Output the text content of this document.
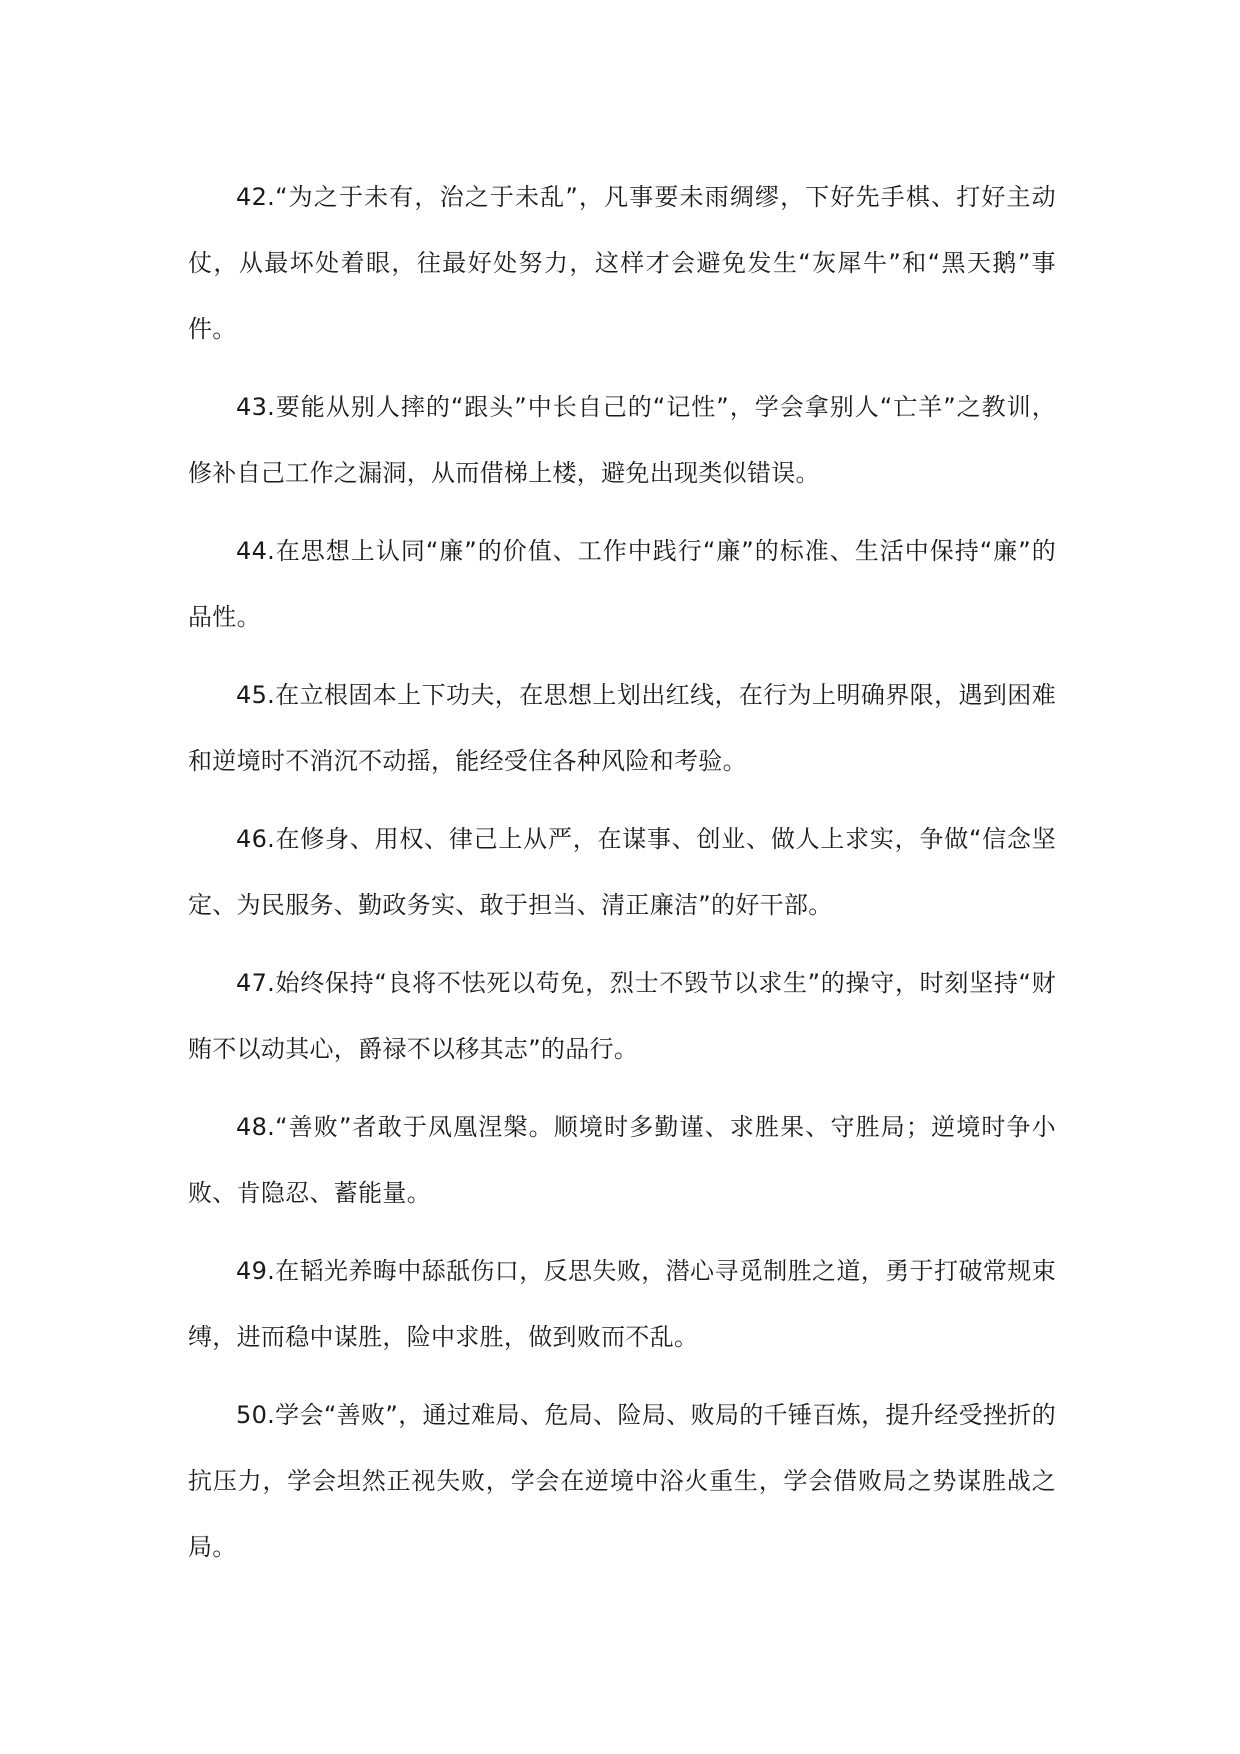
42.“为之于未有，治之于未乱”，凡事要未雨绸缪，下好先手棋、打好主动仗，从最坏处着眼，往最好处努力，这样才会避免发生“灰犀牛”和“黑天鹅”事件。

43.要能从别人摔的“跟头”中长自己的“记性”，学会拿别人“亡羊”之教训，修补自己工作之漏洞，从而借梯上楼，避免出现类似错误。

44.在思想上认同“廉”的价值、工作中践行“廉”的标准、生活中保持“廉”的品性。

45.在立根固本上下功夫，在思想上划出红线，在行为上明确界限，遇到困难和逆境时不消沉不动摇，能经受住各种风险和考验。

46.在修身、用权、律己上从严，在谋事、创业、做人上求实，争做“信念坚定、为民服务、勤政务实、敢于担当、清正廉洁”的好干部。

47.始终保持“良将不怯死以苟免，烈士不毁节以求生”的操守，时刻坚持“财贿不以动其心，爵禄不以移其志”的品行。

48.“善败”者敢于凤凰涅槃。顺境时多勤谨、求胜果、守胜局；逆境时争小败、肯隐忍、蓄能量。

49.在韬光养晦中舔舐伤口，反思失败，潜心寻觅制胜之道，勇于打破常规束缚，进而稳中谋胜，险中求胜，做到败而不乱。

50.学会“善败”，通过难局、危局、险局、败局的千锤百炼，提升经受挫折的抗压力，学会坦然正视失败，学会在逆境中浴火重生，学会借败局之势谋胜战之局。
